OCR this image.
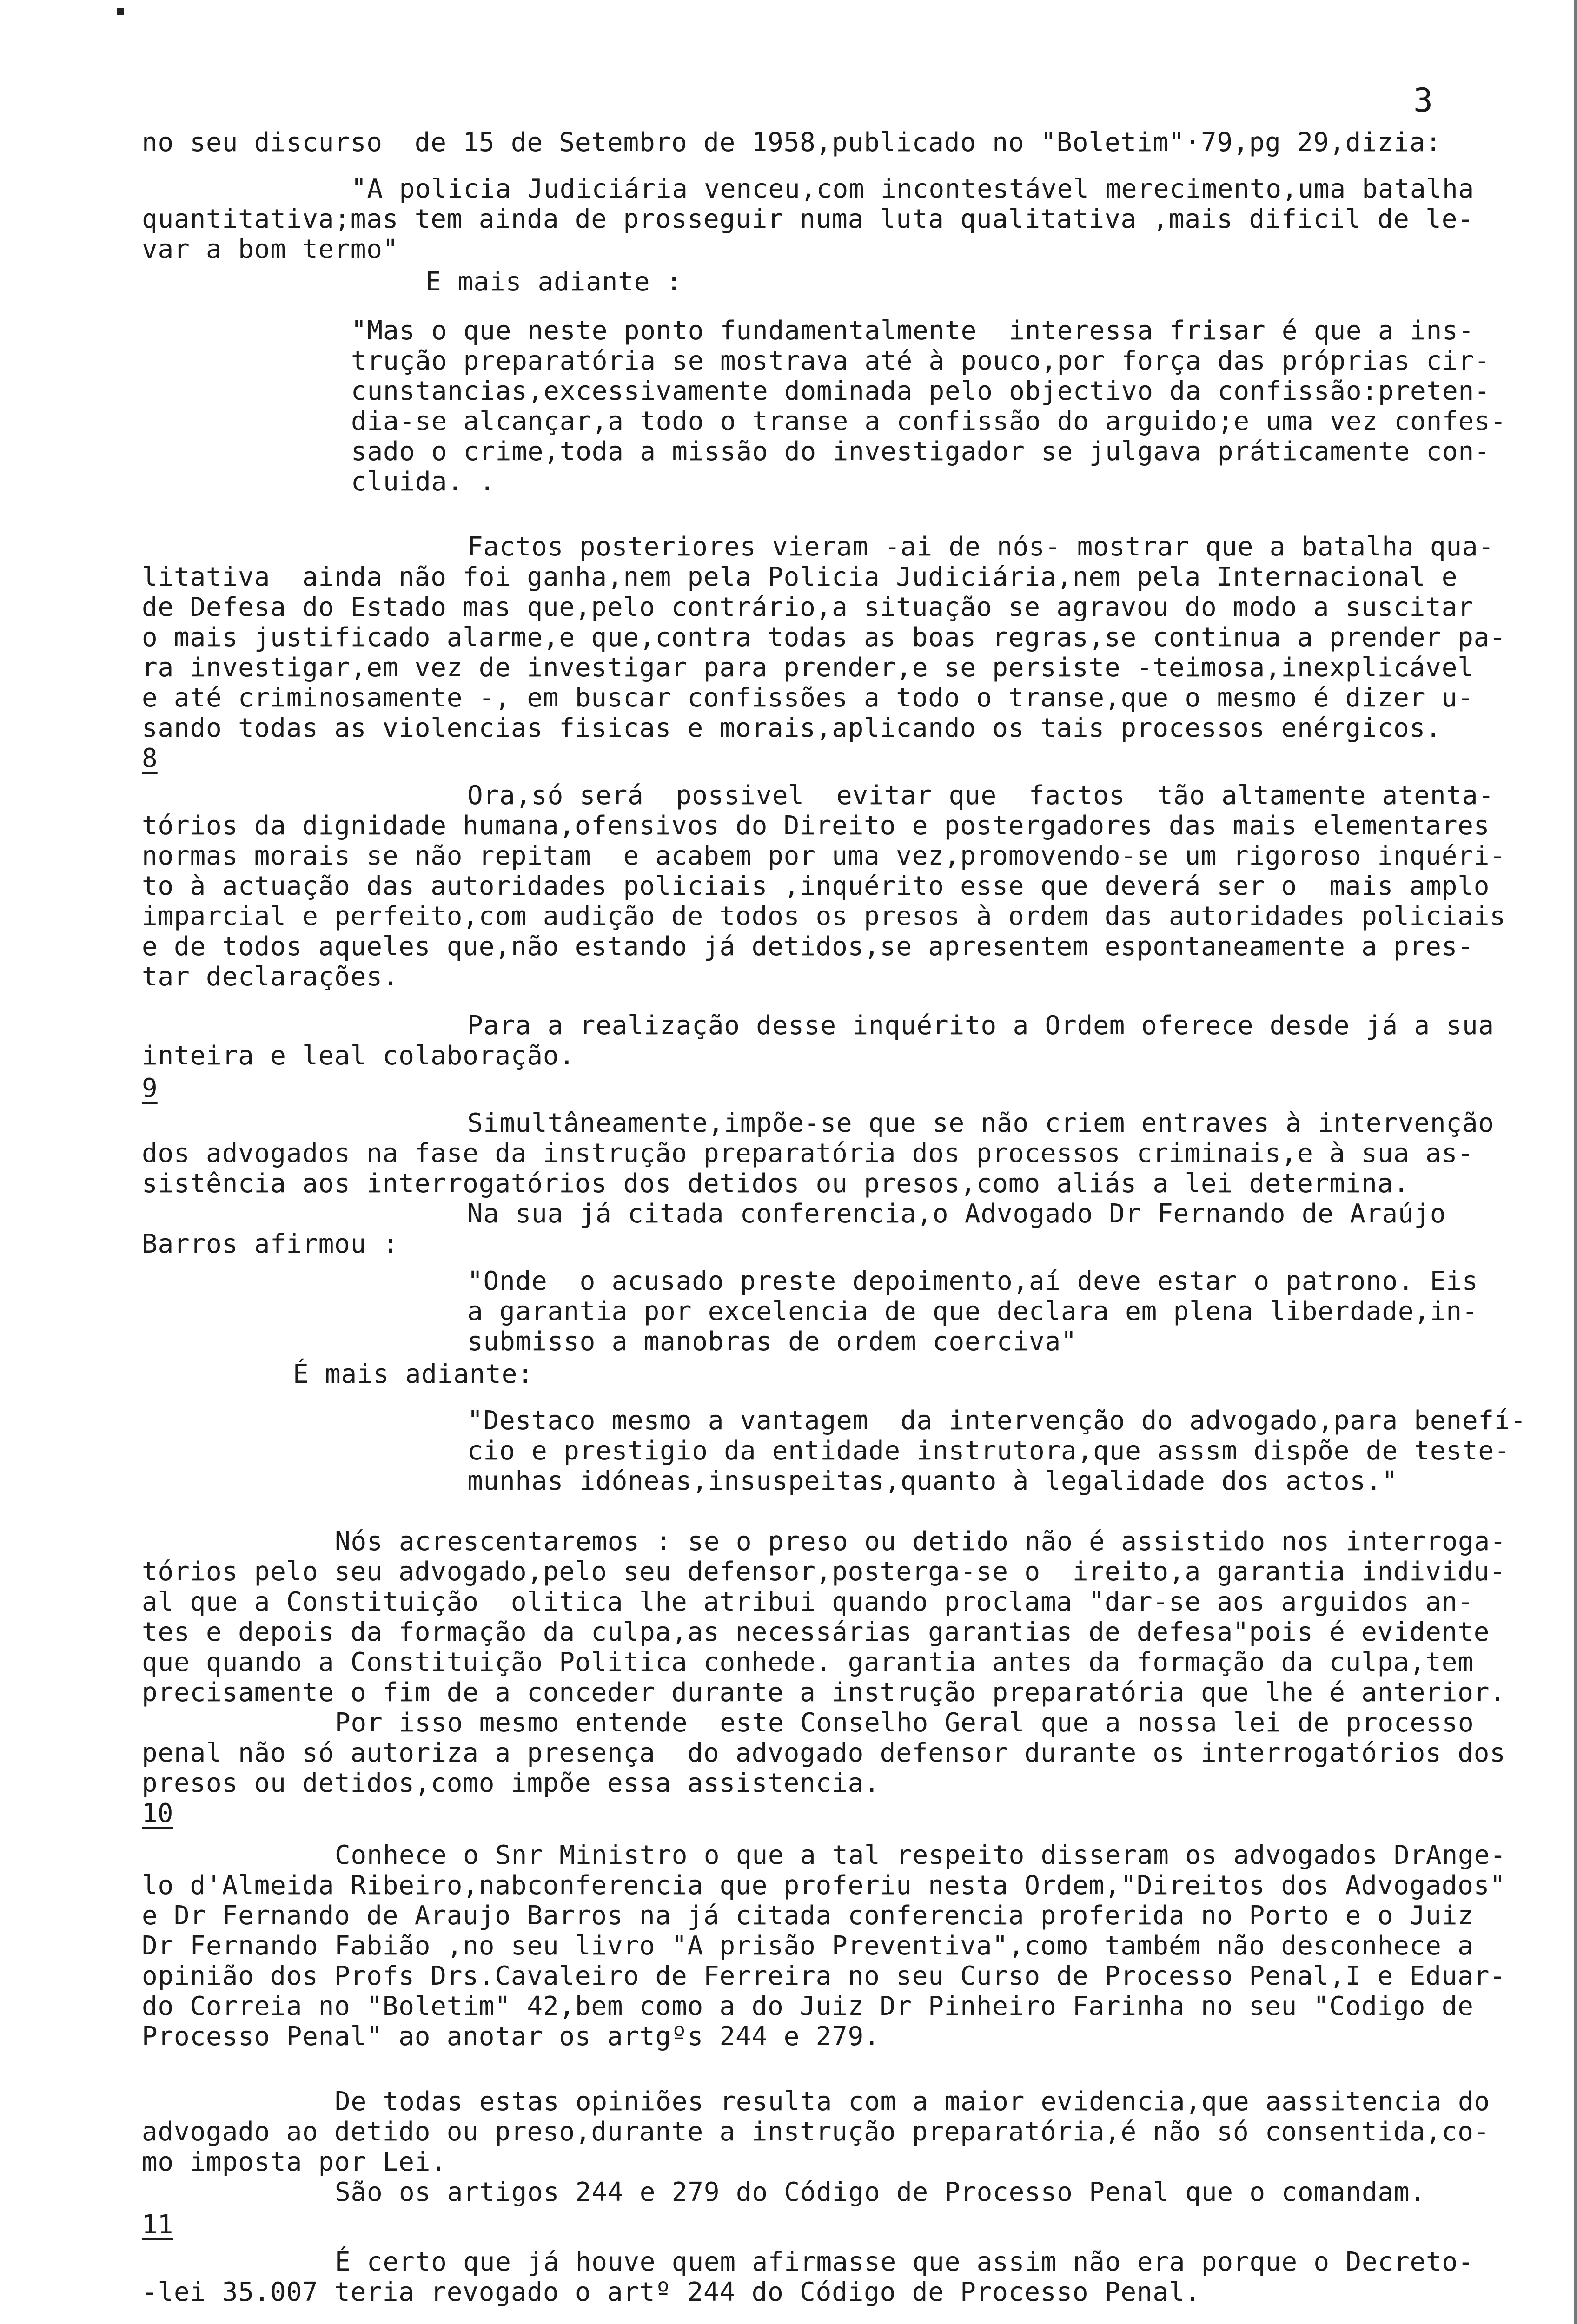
3
no seu discurso  de 15 de Setembro de 1958,publicado no "Boletim"·79,pg 29,dizia:
"A policia Judiciária venceu,com incontestável merecimento,uma batalha
quantitativa;mas tem ainda de prosseguir numa luta qualitativa ,mais dificil de le-
var a bom termo"
E mais adiante :
"Mas o que neste ponto fundamentalmente  interessa frisar é que a ins-
trução preparatória se mostrava até à pouco,por força das próprias cir-
cunstancias,excessivamente dominada pelo objectivo da confissão:preten-
dia-se alcançar,a todo o transe a confissão do arguido;e uma vez confes-
sado o crime,toda a missão do investigador se julgava práticamente con-
cluida. .
Factos posteriores vieram -ai de nós- mostrar que a batalha qua-
litativa  ainda não foi ganha,nem pela Policia Judiciária,nem pela Internacional e
de Defesa do Estado mas que,pelo contrário,a situação se agravou do modo a suscitar
o mais justificado alarme,e que,contra todas as boas regras,se continua a prender pa-
ra investigar,em vez de investigar para prender,e se persiste -teimosa,inexplicável
e até criminosamente -, em buscar confissões a todo o transe,que o mesmo é dizer u-
sando todas as violencias fisicas e morais,aplicando os tais processos enérgicos.
8
Ora,só será  possivel  evitar que  factos  tão altamente atenta-
tórios da dignidade humana,ofensivos do Direito e postergadores das mais elementares
normas morais se não repitam  e acabem por uma vez,promovendo-se um rigoroso inquéri-
to à actuação das autoridades policiais ,inquérito esse que deverá ser o  mais amplo
imparcial e perfeito,com audição de todos os presos à ordem das autoridades policiais
e de todos aqueles que,não estando já detidos,se apresentem espontaneamente a pres-
tar declarações.
Para a realização desse inquérito a Ordem oferece desde já a sua
inteira e leal colaboração.
9
Simultâneamente,impõe-se que se não criem entraves à intervenção
dos advogados na fase da instrução preparatória dos processos criminais,e à sua as-
sistência aos interrogatórios dos detidos ou presos,como aliás a lei determina.
Na sua já citada conferencia,o Advogado Dr Fernando de Araújo
Barros afirmou :
"Onde  o acusado preste depoimento,aí deve estar o patrono. Eis
a garantia por excelencia de que declara em plena liberdade,in-
submisso a manobras de ordem coerciva"
É mais adiante:
"Destaco mesmo a vantagem  da intervenção do advogado,para benefí-
cio e prestigio da entidade instrutora,que asssm dispõe de teste-
munhas idóneas,insuspeitas,quanto à legalidade dos actos."
Nós acrescentaremos : se o preso ou detido não é assistido nos interroga-
tórios pelo seu advogado,pelo seu defensor,posterga-se o  ireito,a garantia individu-
al que a Constituição  olitica lhe atribui quando proclama "dar-se aos arguidos an-
tes e depois da formação da culpa,as necessárias garantias de defesa"pois é evidente
que quando a Constituição Politica conhede. garantia antes da formação da culpa,tem
precisamente o fim de a conceder durante a instrução preparatória que lhe é anterior.
Por isso mesmo entende  este Conselho Geral que a nossa lei de processo
penal não só autoriza a presença  do advogado defensor durante os interrogatórios dos
presos ou detidos,como impõe essa assistencia.
10
Conhece o Snr Ministro o que a tal respeito disseram os advogados DrAnge-
lo d'Almeida Ribeiro,nabconferencia que proferiu nesta Ordem,"Direitos dos Advogados"
e Dr Fernando de Araujo Barros na já citada conferencia proferida no Porto e o Juiz
Dr Fernando Fabião ,no seu livro "A prisão Preventiva",como também não desconhece a
opinião dos Profs Drs.Cavaleiro de Ferreira no seu Curso de Processo Penal,I e Eduar-
do Correia no "Boletim" 42,bem como a do Juiz Dr Pinheiro Farinha no seu "Codigo de
Processo Penal" ao anotar os artgºs 244 e 279.
De todas estas opiniões resulta com a maior evidencia,que aassitencia do
advogado ao detido ou preso,durante a instrução preparatória,é não só consentida,co-
mo imposta por Lei.
São os artigos 244 e 279 do Código de Processo Penal que o comandam.
11
É certo que já houve quem afirmasse que assim não era porque o Decreto-
-lei 35.007 teria revogado o artº 244 do Código de Processo Penal.
